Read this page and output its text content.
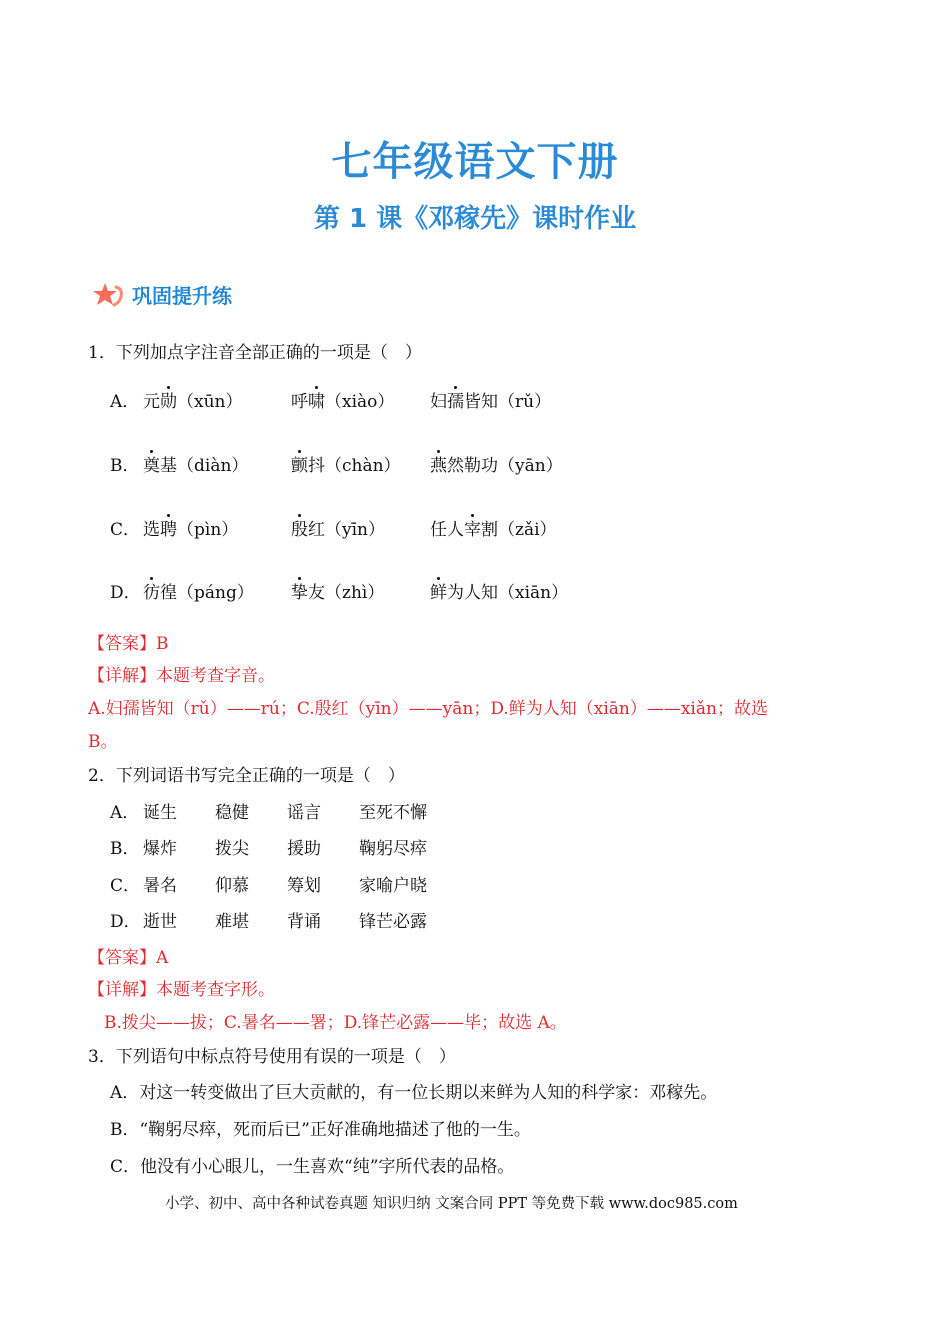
七年级语文下册
第 1 课《邓稼先》课时作业
巩固提升练
1．下列加点字注音全部正确的一项是（　）
A． 元勋（xūn）	呼啸（xiào） 妇孺皆知（rǔ）
B． 奠基（diàn）	颤抖（chàn） 燕然勒功（yān）
C． 选聘（pìn）	殷红（yīn）	任人宰割（zǎi）
D． 彷徨（páng） 挚友（zhì）	鲜为人知（xiān）
【答案】B
【详解】本题考查字音。
A.妇孺皆知（rǔ）——rú；C.殷红（yīn）——yān；D.鲜为人知（xiān）——xiǎn；故选
B。
2．下列词语书写完全正确的一项是（　）
A． 诞生 稳健 谣言 至死不懈
B． 爆炸 拨尖 援助 鞠躬尽瘁
C． 暑名 仰慕 筹划 家喻户晓
D． 逝世 难堪 背诵 锋芒必露
【答案】A
【详解】本题考查字形。
B.拨尖——拔；C.暑名——署；D.锋芒必露——毕；故选 A。
3．下列语句中标点符号使用有误的一项是（　）
A．对这一转变做出了巨大贡献的，有一位长期以来鲜为人知的科学家：邓稼先。
B．“鞠躬尽瘁，死而后已”正好准确地描述了他的一生。
C．他没有小心眼儿，一生喜欢“纯”字所代表的品格。
小学、初中、高中各种试卷真题 知识归纳 文案合同 PPT 等免费下载 www.doc985.com
